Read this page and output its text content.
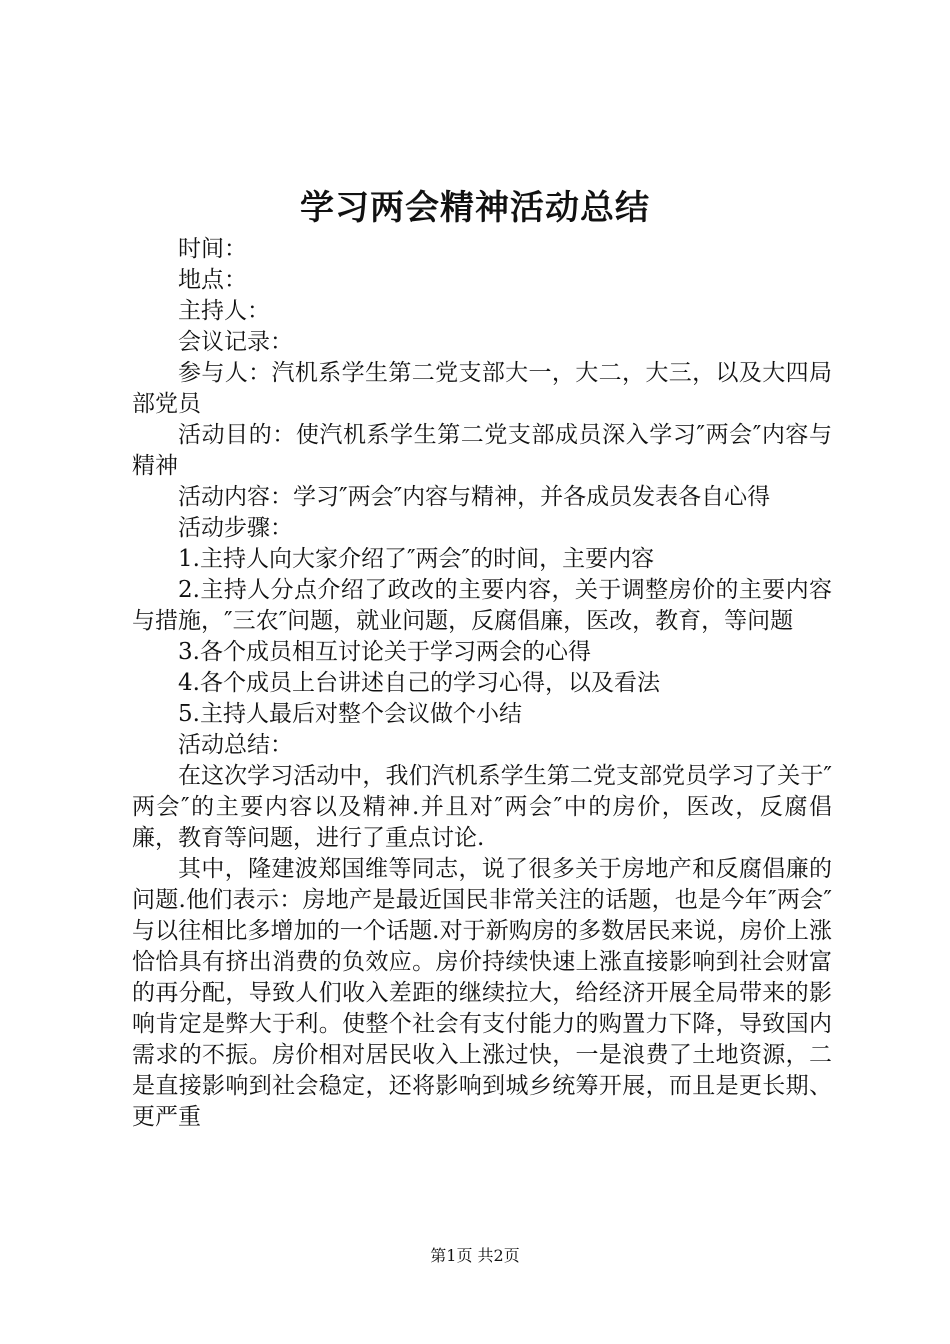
学习两会精神活动总结

时间：

地点：

主持人：

会议记录：

参与人：汽机系学生第二党支部大一，大二，大三，以及大四局部党员

活动目的：使汽机系学生第二党支部成员深入学习″两会″内容与精神

活动内容：学习″两会″内容与精神，并各成员发表各自心得

活动步骤：

1.主持人向大家介绍了″两会″的时间，主要内容

2.主持人分点介绍了政改的主要内容，关于调整房价的主要内容与措施，″三农″问题，就业问题，反腐倡廉，医改，教育，等问题

3.各个成员相互讨论关于学习两会的心得

4.各个成员上台讲述自己的学习心得，以及看法

5.主持人最后对整个会议做个小结

活动总结：

在这次学习活动中，我们汽机系学生第二党支部党员学习了关于″两会″的主要内容以及精神.并且对″两会″中的房价，医改，反腐倡廉，教育等问题，进行了重点讨论.

其中，隆建波郑国维等同志，说了很多关于房地产和反腐倡廉的问题.他们表示：房地产是最近国民非常关注的话题，也是今年″两会″与以往相比多增加的一个话题.对于新购房的多数居民来说，房价上涨恰恰具有挤出消费的负效应。房价持续快速上涨直接影响到社会财富的再分配，导致人们收入差距的继续拉大，给经济开展全局带来的影响肯定是弊大于利。使整个社会有支付能力的购置力下降，导致国内需求的不振。房价相对居民收入上涨过快，一是浪费了土地资源，二是直接影响到社会稳定，还将影响到城乡统筹开展，而且是更长期、更严重

第1页 共2页
